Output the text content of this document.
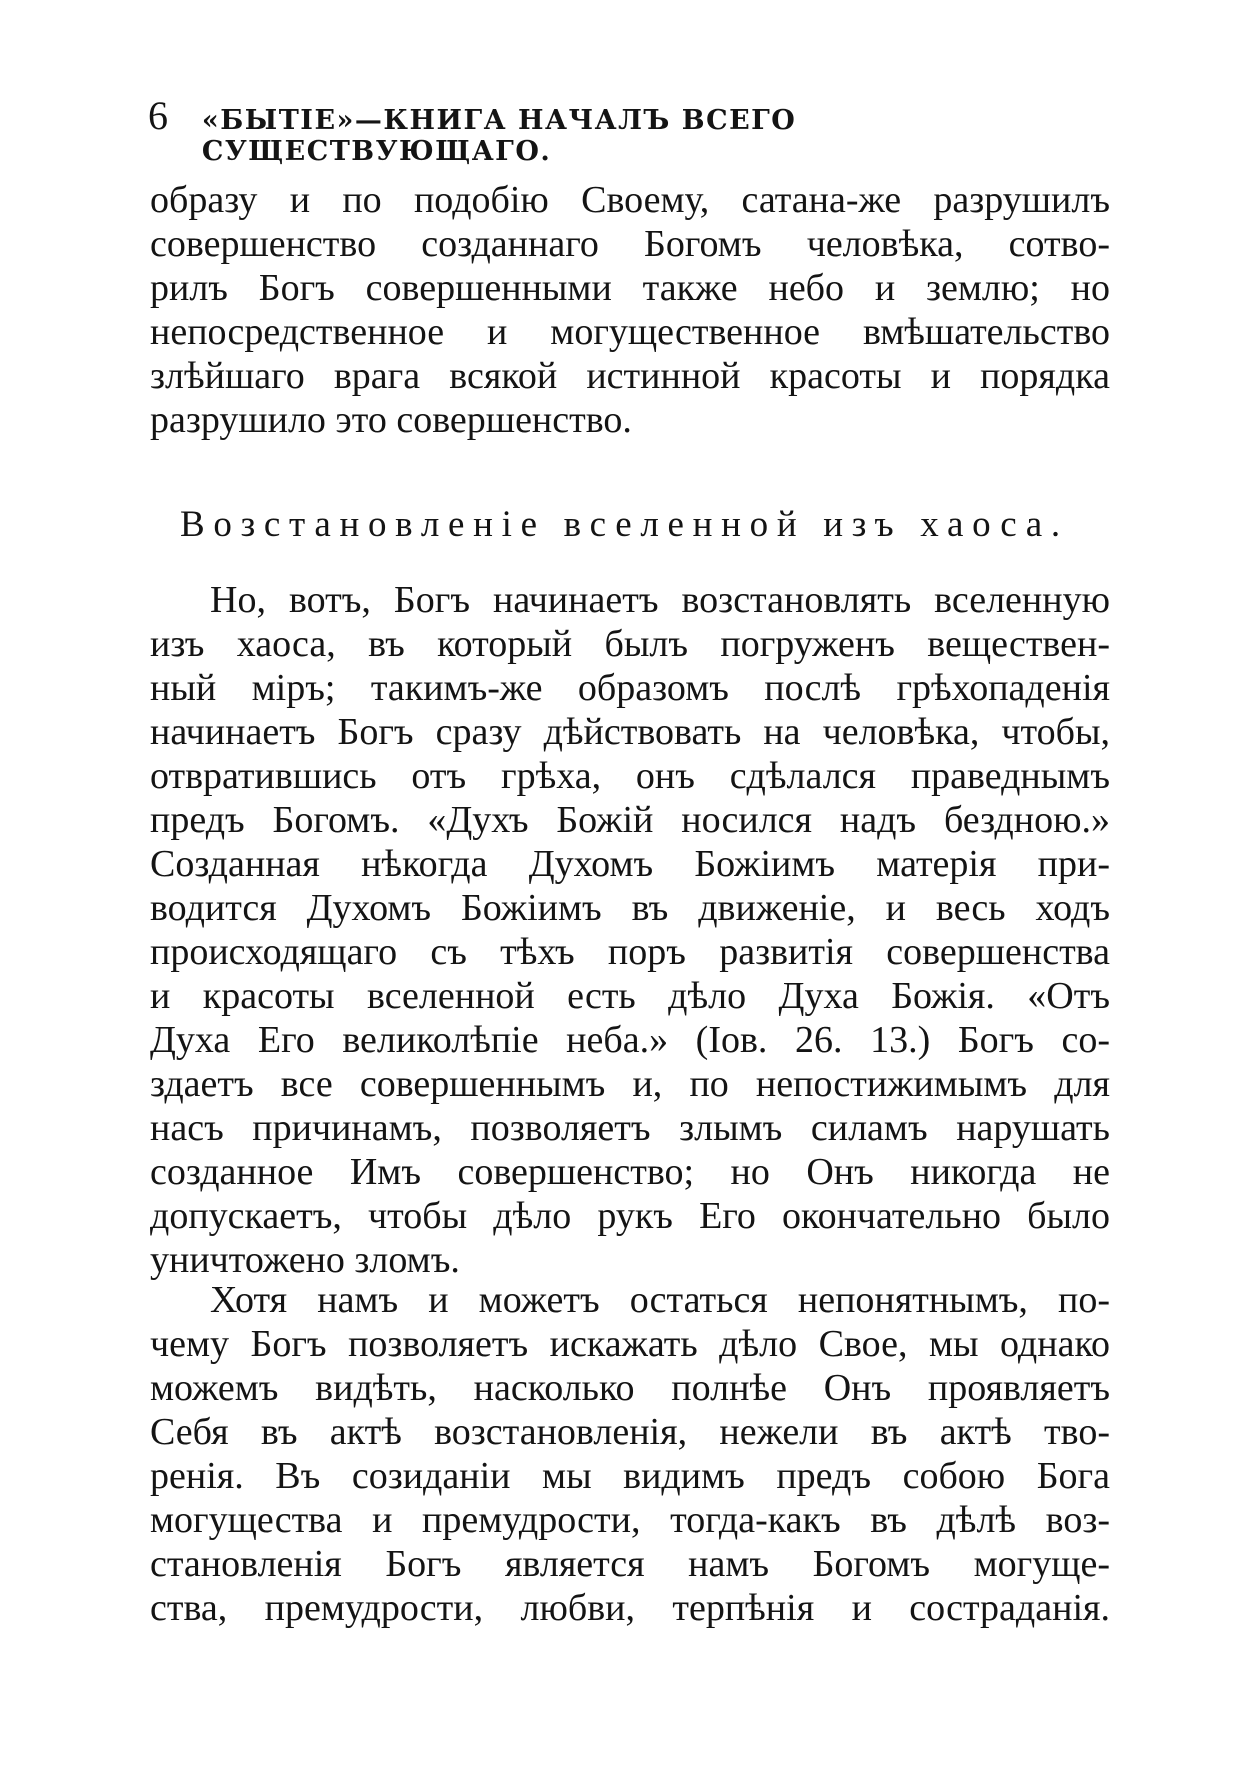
6	«БЫТІЕ»—КНИГА НАЧАЛЪ ВСЕГО СУЩЕСТВУЮЩАГО.
образу и по подобію Своему, сатана-же разрушилъ
совершенство созданнаго Богомъ человѣка, сотво-
рилъ Богъ совершенными также небо и землю; но
непосредственное и могущественное вмѣшательство
злѣйшаго врага всякой истинной красоты и порядка
разрушило это совершенство.
Возстановленіе вселенной изъ хаоса.
Но, вотъ, Богъ начинаетъ возстановлять вселенную
изъ хаоса, въ который былъ погруженъ веществен-
ный міръ; такимъ-же образомъ послѣ грѣхопаденія
начинаетъ Богъ сразу дѣйствовать на человѣка, чтобы,
отвратившись отъ грѣха, онъ сдѣлался праведнымъ
предъ Богомъ. «Духъ Божій носился надъ бездною.»
Созданная нѣкогда Духомъ Божіимъ матерія при-
водится Духомъ Божіимъ въ движеніе, и весь ходъ
происходящаго съ тѣхъ поръ развитія совершенства
и красоты вселенной есть дѣло Духа Божія. «Отъ
Духа Его великолѣпіе неба.» (Іов. 26. 13.) Богъ со-
здаетъ все совершеннымъ и, по непостижимымъ для
насъ причинамъ, позволяетъ злымъ силамъ нарушать
созданное Имъ совершенство; но Онъ никогда не
допускаетъ, чтобы дѣло рукъ Его окончательно было
уничтожено зломъ.
Хотя намъ и можетъ остаться непонятнымъ, по-
чему Богъ позволяетъ искажать дѣло Свое, мы однако
можемъ видѣть, насколько полнѣе Онъ проявляетъ
Себя въ актѣ возстановленія, нежели въ актѣ тво-
ренія. Въ созиданіи мы видимъ предъ собою Бога
могущества и премудрости, тогда-какъ въ дѣлѣ воз-
становленія Богъ является намъ Богомъ могуще-
ства, премудрости, любви, терпѣнія и состраданія.
